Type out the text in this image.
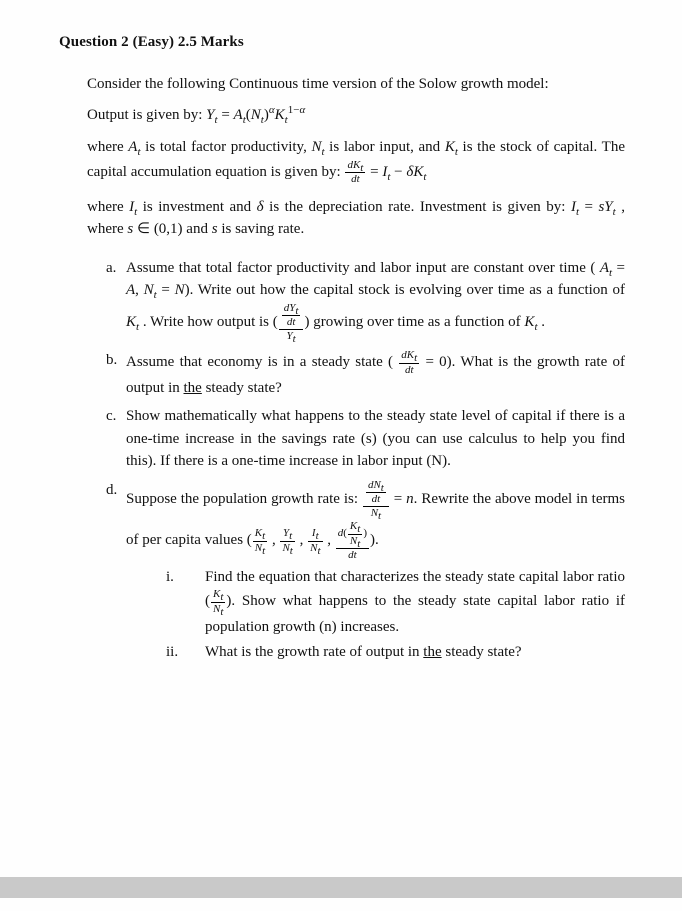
Question 2 (Easy) 2.5 Marks

Consider the following Continuous time version of the Solow growth model:

Output is given by: $Y_t = A_t(N_t)^\alpha K_t^{1-\alpha}$

where $A_t$ is total factor productivity, $N_t$ is labor input, and $K_t$ is the stock of capital. The capital accumulation equation is given by: $dK_t$
dt = $I_t - \delta K_t$

where $I_t$ is investment and δ is the depreciation rate. Investment is given by: $I_t = sY_t$ , where s ∈ (0,1) and s is saving rate.

a. Assume that total factor productivity and labor input are constant over time ( $A_t = A$, $N_t = N$). Write out how the capital stock is evolving over time as a function of $K_t$ . Write how output is (
$dY_t$
dt
$Y_t$
) growing over time as a function of $K_t$ .
b. Assume that economy is in a steady state ( $dK_t$
dt = 0). What is the growth rate of output in the steady state?
c. Show mathematically what happens to the steady state level of capital if there is a one-time increase in the savings rate (s) (you can use calculus to help you find this). If there is a one-time increase in labor input (N).
d.
Suppose the population growth rate is:
$dN_t$
dt
$N_t$
= n. Rewrite the above model in terms of per capita values ( $\frac{K_t}{N_t}$ , $\frac{Y_t}{N_t}$ , $\frac{I_t}{N_t}$ , $d( \frac{K_t}{N_t}$ )
dt
).
i.	Find the equation that characterizes the steady state capital labor ratio ( $\frac{K_t}{N_t}$ ). Show what happens to the steady state capital labor ratio if population growth (n) increases.
ii.	What is the growth rate of output in the steady state?
